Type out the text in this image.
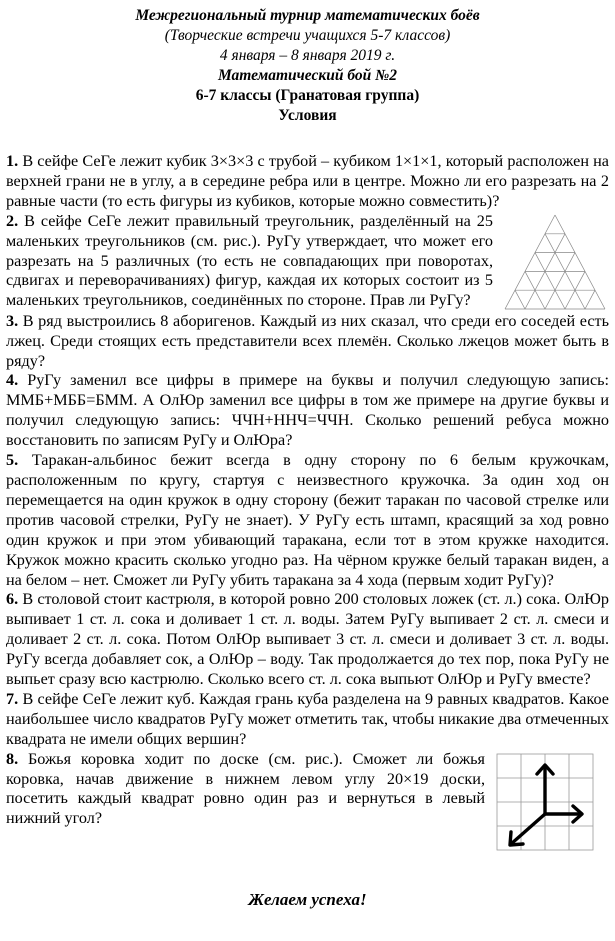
Межрегиональный турнир математических боёв
(Творческие встречи учащихся 5-7 классов)
4 января – 8 января 2019 г.
Математический бой №2
6-7 классы (Гранатовая группа)
Условия

1. В сейфе СеГе лежит кубик 3×3×3 с трубой – кубиком 1×1×1, который расположен на верхней грани не в углу, а в середине ребра или в центре. Можно ли его разрезать на 2 равные части (то есть фигуры из кубиков, которые можно совместить)?

2. В сейфе СеГе лежит правильный треугольник, разделённый на 25 маленьких треугольников (см. рис.). РуГу утверждает, что может его разрезать на 5 различных (то есть не совпадающих при поворотах, сдвигах и переворачиваниях) фигур, каждая их которых состоит из 5 маленьких треугольников, соединённых по стороне. Прав ли РуГу?

3. В ряд выстроились 8 аборигенов. Каждый из них сказал, что среди его соседей есть лжец. Среди стоящих есть представители всех племён. Сколько лжецов может быть в ряду?

4. РуГу заменил все цифры в примере на буквы и получил следующую запись: ММБ+МББ=БММ. А ОлЮр заменил все цифры в том же примере на другие буквы и получил следующую запись: ЧЧН+ННЧ=ЧЧН. Сколько решений ребуса можно восстановить по записям РуГу и ОлЮра?

5. Таракан-альбинос бежит всегда в одну сторону по 6 белым кружочкам, расположенным по кругу, стартуя с неизвестного кружочка. За один ход он перемещается на один кружок в одну сторону (бежит таракан по часовой стрелке или против часовой стрелки, РуГу не знает). У РуГу есть штамп, красящий за ход ровно один кружок и при этом убивающий таракана, если тот в этом кружке находится. Кружок можно красить сколько угодно раз. На чёрном кружке белый таракан виден, а на белом – нет. Сможет ли РуГу убить таракана за 4 хода (первым ходит РуГу)?

6. В столовой стоит кастрюля, в которой ровно 200 столовых ложек (ст. л.) сока. ОлЮр выпивает 1 ст. л. сока и доливает 1 ст. л. воды. Затем РуГу выпивает 2 ст. л. смеси и доливает 2 ст. л. сока. Потом ОлЮр выпивает 3 ст. л. смеси и доливает 3 ст. л. воды. РуГу всегда добавляет сок, а ОлЮр – воду. Так продолжается до тех пор, пока РуГу не выпьет сразу всю кастрюлю. Сколько всего ст. л. сока выпьют ОлЮр и РуГу вместе?

7. В сейфе СеГе лежит куб. Каждая грань куба разделена на 9 равных квадратов. Какое наибольшее число квадратов РуГу может отметить так, чтобы никакие два отмеченных квадрата не имели общих вершин?

8. Божья коровка ходит по доске (см. рис.). Сможет ли божья коровка, начав движение в нижнем левом углу 20×19 доски, посетить каждый квадрат ровно один раз и вернуться в левый нижний угол?

Желаем успеха!
